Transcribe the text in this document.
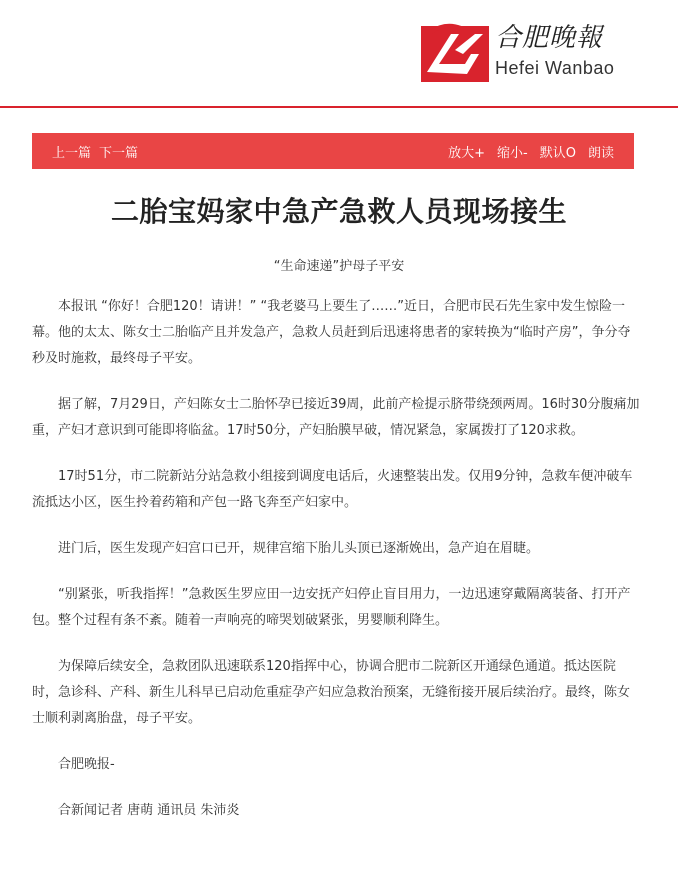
合肥晚報
Hefei Wanbao
上一篇 下一篇	放大+ 缩小- 默认O 朗读
二胎宝妈家中急产急救人员现场接生
“生命速递”护母子平安

本报讯 “你好！合肥120！请讲！” “我老婆马上要生了……”近日，合肥市民石先生家中发生惊险一幕。他的太太、陈女士二胎临产且并发急产，急救人员赶到后迅速将患者的家转换为“临时产房”，争分夺秒及时施救，最终母子平安。

据了解，7月29日，产妇陈女士二胎怀孕已接近39周，此前产检提示脐带绕颈两周。16时30分腹痛加重，产妇才意识到可能即将临盆。17时50分，产妇胎膜早破，情况紧急，家属拨打了120求救。

17时51分，市二院新站分站急救小组接到调度电话后，火速整装出发。仅用9分钟，急救车便冲破车流抵达小区，医生拎着药箱和产包一路飞奔至产妇家中。

进门后，医生发现产妇宫口已开，规律宫缩下胎儿头顶已逐渐娩出，急产迫在眉睫。

“别紧张，听我指挥！”急救医生罗应田一边安抚产妇停止盲目用力，一边迅速穿戴隔离装备、打开产包。整个过程有条不紊。随着一声响亮的啼哭划破紧张，男婴顺利降生。

为保障后续安全，急救团队迅速联系120指挥中心，协调合肥市二院新区开通绿色通道。抵达医院时，急诊科、产科、新生儿科早已启动危重症孕产妇应急救治预案，无缝衔接开展后续治疗。最终，陈女士顺利剥离胎盘，母子平安。

合肥晚报-

合新闻记者 唐萌 通讯员 朱沛炎
